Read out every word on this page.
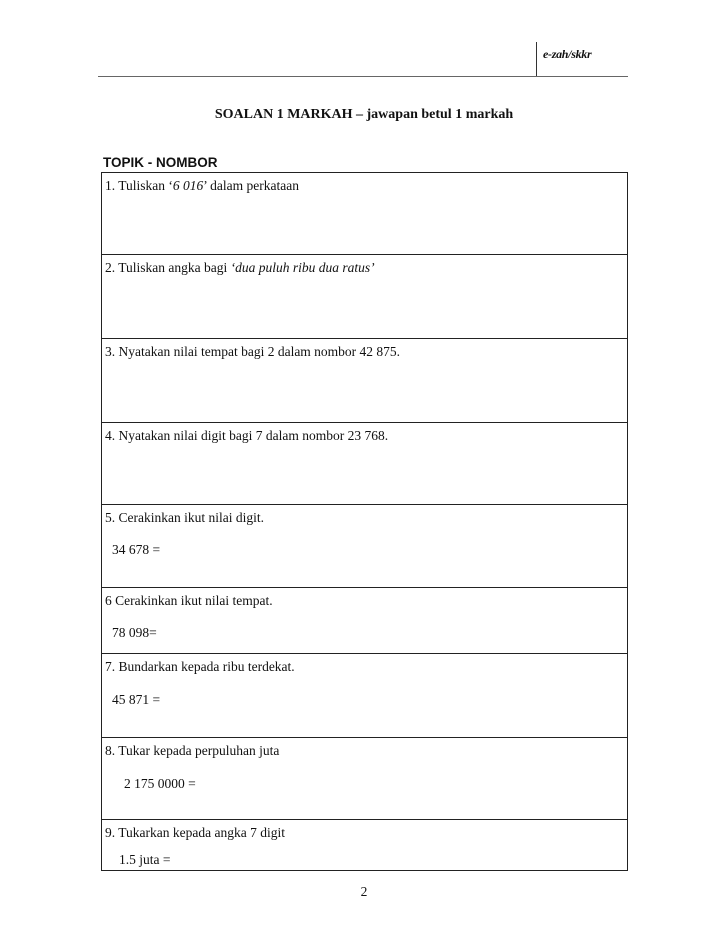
e-zah/skkr
SOALAN 1 MARKAH – jawapan betul 1 markah
TOPIK - NOMBOR
1. Tuliskan ‘6 016’ dalam perkataan
2. Tuliskan angka bagi ‘dua puluh ribu dua ratus’
3. Nyatakan nilai tempat bagi 2 dalam nombor 42 875.
4. Nyatakan nilai digit bagi 7 dalam nombor 23 768.
5. Cerakinkan ikut nilai digit.
34 678 =
6 Cerakinkan ikut nilai tempat.
78 098=
7. Bundarkan kepada ribu terdekat.
45 871 =
8. Tukar kepada perpuluhan juta
2 175 0000 =
9. Tukarkan kepada angka 7 digit
1.5 juta =
2
